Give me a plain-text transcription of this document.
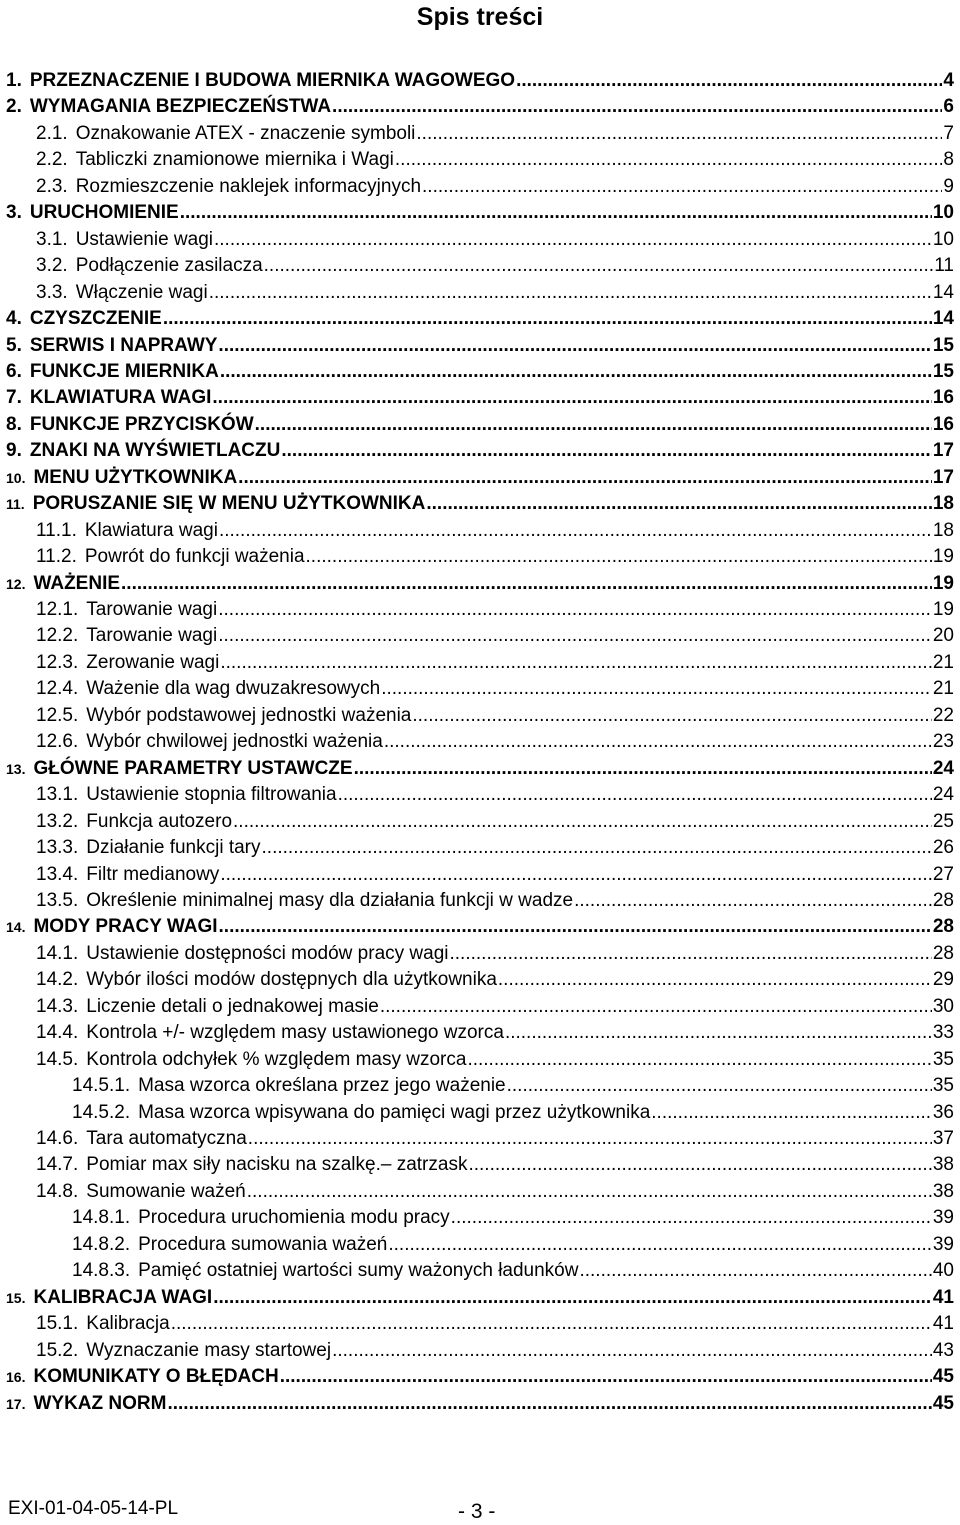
Spis treści
1. PRZEZNACZENIE I BUDOWA MIERNIKA WAGOWEGO .....	4
2. WYMAGANIA BEZPIECZEŃSTWA .....	6
2.1. Oznakowanie ATEX - znaczenie symboli .....	7
2.2. Tabliczki znamionowe miernika i Wagi .....	8
2.3. Rozmieszczenie naklejek informacyjnych .....	9
3. URUCHOMIENIE .....	10
3.1. Ustawienie wagi .....	10
3.2. Podłączenie zasilacza .....	11
3.3. Włączenie wagi .....	14
4. CZYSZCZENIE .....	14
5. SERWIS I NAPRAWY .....	15
6. FUNKCJE MIERNIKA .....	15
7. KLAWIATURA WAGI .....	16
8. FUNKCJE PRZYCISKÓW .....	16
9. ZNAKI NA WYŚWIETLACZU .....	17
10. MENU UŻYTKOWNIKA .....	17
11. PORUSZANIE SIĘ W MENU UŻYTKOWNIKA .....	18
11.1. Klawiatura wagi .....	18
11.2. Powrót do funkcji ważenia .....	19
12. WAŻENIE .....	19
12.1. Tarowanie wagi .....	19
12.2. Tarowanie wagi .....	20
12.3. Zerowanie wagi .....	21
12.4. Ważenie dla wag dwuzakresowych .....	21
12.5. Wybór podstawowej jednostki ważenia .....	22
12.6. Wybór chwilowej jednostki ważenia .....	23
13. GŁÓWNE PARAMETRY USTAWCZE .....	24
13.1. Ustawienie stopnia filtrowania .....	24
13.2. Funkcja autozero .....	25
13.3. Działanie funkcji tary .....	26
13.4. Filtr medianowy .....	27
13.5. Określenie minimalnej masy dla działania funkcji w wadze .....	28
14. MODY PRACY WAGI .....	28
14.1. Ustawienie dostępności modów pracy wagi .....	28
14.2. Wybór ilości modów dostępnych dla użytkownika .....	29
14.3. Liczenie detali o jednakowej masie .....	30
14.4. Kontrola +/- względem masy ustawionego wzorca .....	33
14.5. Kontrola odchyłek % względem masy wzorca .....	35
14.5.1. Masa wzorca określana przez jego ważenie .....	35
14.5.2. Masa wzorca wpisywana do pamięci wagi przez użytkownika .....	36
14.6. Tara automatyczna .....	37
14.7. Pomiar max siły nacisku na szalkę.– zatrzask .....	38
14.8. Sumowanie ważeń .....	38
14.8.1. Procedura uruchomienia modu pracy .....	39
14.8.2. Procedura sumowania ważeń .....	39
14.8.3. Pamięć ostatniej wartości sumy ważonych ładunków .....	40
15. KALIBRACJA WAGI .....	41
15.1. Kalibracja .....	41
15.2. Wyznaczanie masy startowej .....	43
16. KOMUNIKATY O BŁĘDACH .....	45
17. WYKAZ NORM .....	45
EXI-01-04-05-14-PL	- 3 -
